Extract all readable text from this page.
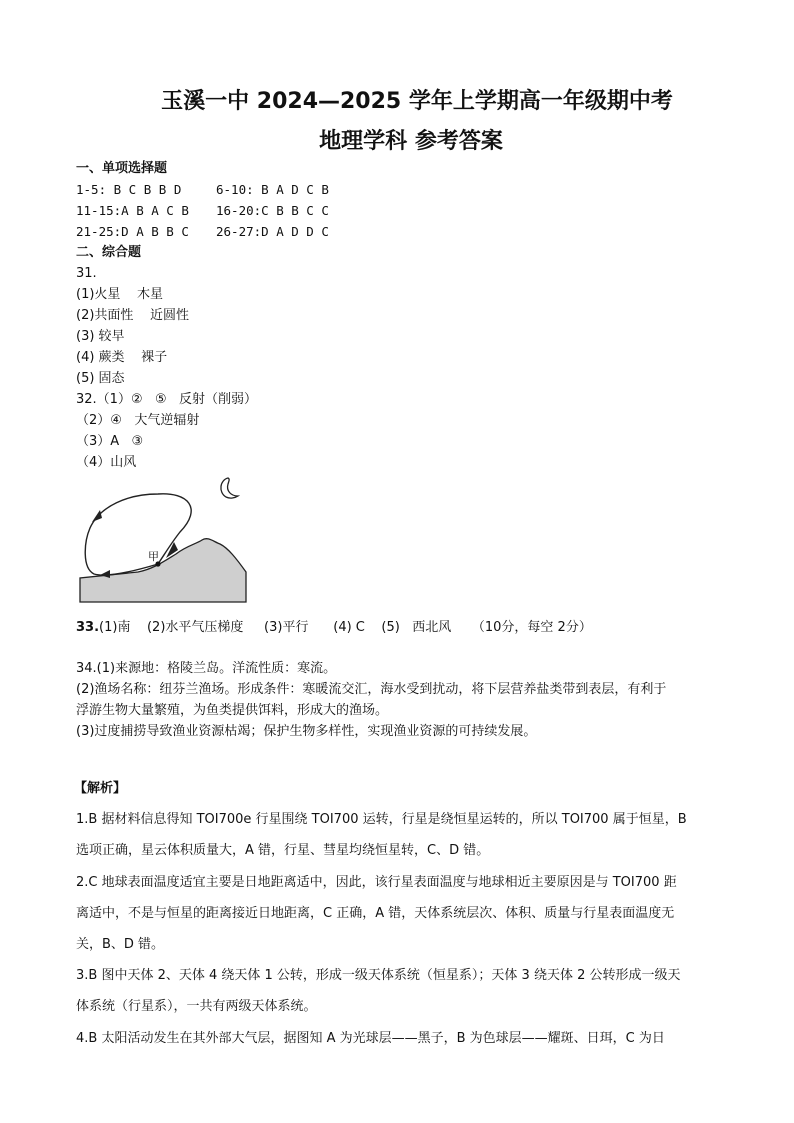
玉溪一中 2024—2025 学年上学期高一年级期中考
地理学科 参考答案
一、单项选择题
1-5: B C B B D	6-10: B A D C B
11-15:A B A C B 16-20:C B B C C
21-25:D A B B C 26-27:D A D D C
二、综合题
31.
(1)火星    木星
(2)共面性    近圆性
(3) 较早
(4) 蕨类    裸子
(5) 固态
32.（1）②   ⑤   反射（削弱）
（2）④   大气逆辐射
（3）A   ③
（4）山风
甲
33.(1)南    (2)水平气压梯度     (3)平行      (4) C    (5)   西北风     （10分，每空 2分）
34.(1)来源地：格陵兰岛。洋流性质：寒流。
(2)渔场名称：纽芬兰渔场。形成条件：寒暖流交汇，海水受到扰动，将下层营养盐类带到表层，有利于
浮游生物大量繁殖，为鱼类提供饵料，形成大的渔场。
(3)过度捕捞导致渔业资源枯竭；保护生物多样性，实现渔业资源的可持续发展。
【解析】
1.B 据材料信息得知 TOI700e 行星围绕 TOI700 运转，行星是绕恒星运转的，所以 TOI700 属于恒星，B
选项正确，星云体积质量大，A 错，行星、彗星均绕恒星转，C、D 错。
2.C 地球表面温度适宜主要是日地距离适中，因此，该行星表面温度与地球相近主要原因是与 TOI700 距
离适中，不是与恒星的距离接近日地距离，C 正确，A 错，天体系统层次、体积、质量与行星表面温度无
关，B、D 错。
3.B 图中天体 2、天体 4 绕天体 1 公转，形成一级天体系统（恒星系）；天体 3 绕天体 2 公转形成一级天
体系统（行星系），一共有两级天体系统。
4.B 太阳活动发生在其外部大气层，据图知 A 为光球层——黑子，B 为色球层——耀斑、日珥，C 为日
